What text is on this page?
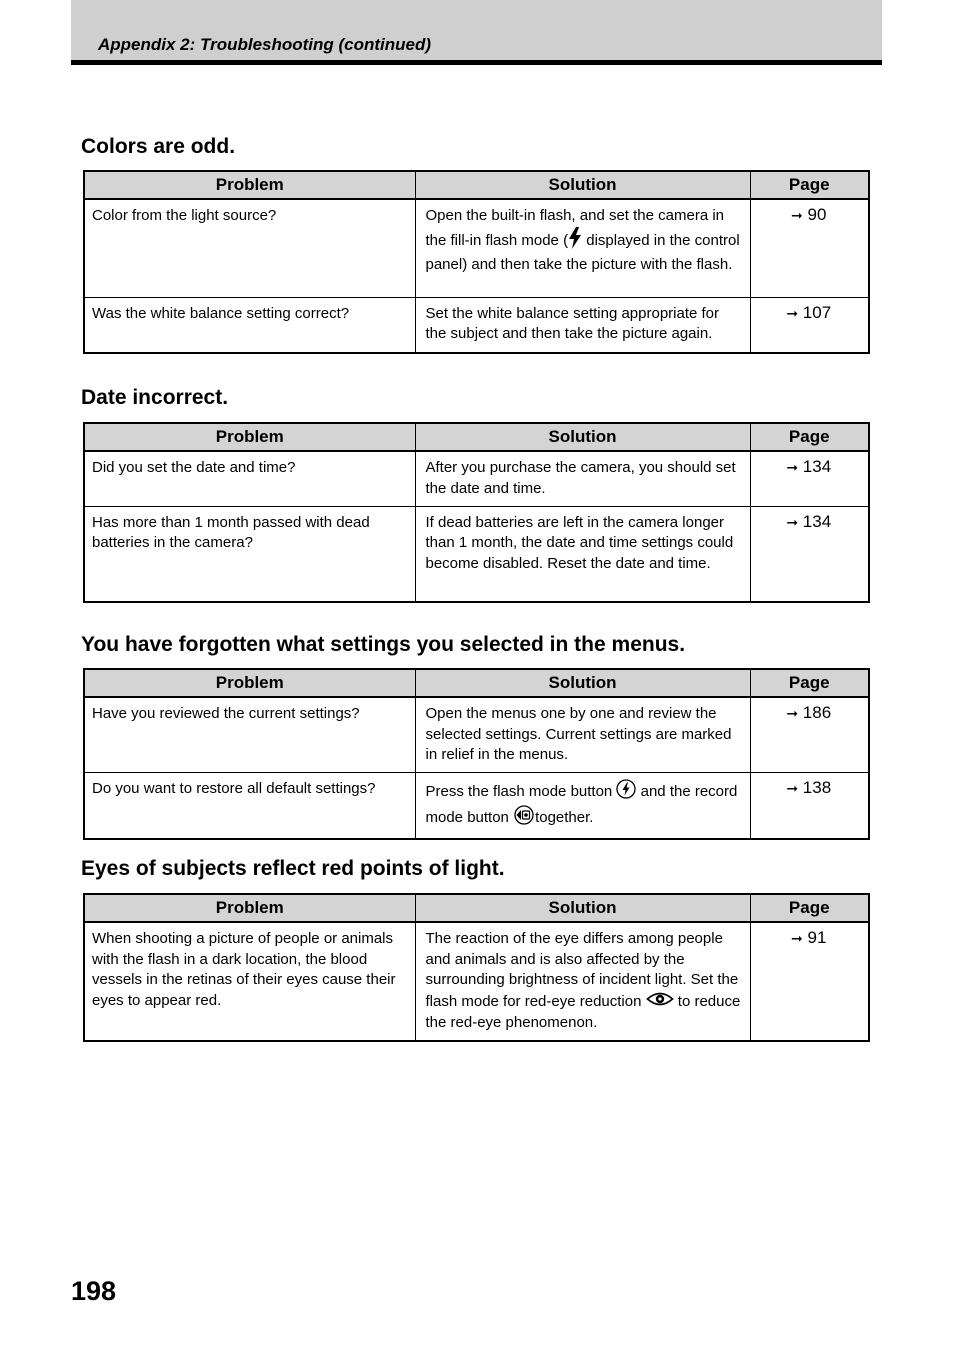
Appendix 2: Troubleshooting (continued)
Colors are odd.
Problem	Solution	Page
Color from the light source?	Open the built-in flash, and set the camera in the fill-in flash mode ( displayed in the control panel) and then take the picture with the flash.	➞ 90
Was the white balance setting correct?	Set the white balance setting appropriate for the subject and then take the picture again.	➞ 107
Date incorrect.
Problem	Solution	Page
Did you set the date and time?	After you purchase the camera, you should set the date and time.	➞ 134
Has more than 1 month passed with dead batteries in the camera?	If dead batteries are left in the camera longer than 1 month, the date and time settings could become disabled. Reset the date and time.	➞ 134
You have forgotten what settings you selected in the menus.
Problem	Solution	Page
Have you reviewed the current settings?	Open the menus one by one and review the selected settings. Current settings are marked in relief in the menus.	➞ 186
Do you want to restore all default settings?	Press the flash mode button  and the record mode button together.	➞ 138
Eyes of subjects reflect red points of light.
Problem	Solution	Page
When shooting a picture of people or animals with the flash in a dark location, the blood vessels in the retinas of their eyes cause their eyes to appear red.	The reaction of the eye differs among people and animals and is also affected by the surrounding brightness of incident light. Set the flash mode for red-eye reduction  to reduce the red-eye phenomenon.	➞ 91
198
